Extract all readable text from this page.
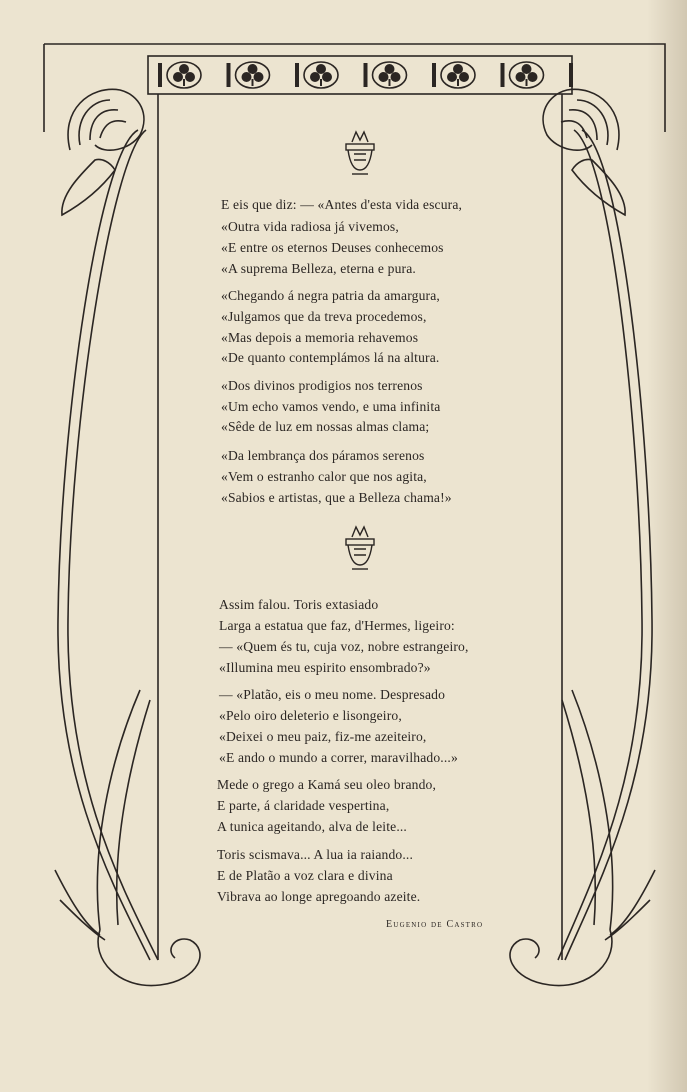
E eis que diz: — «Antes d'esta vida escura,
«Outra vida radiosa já vivemos,
«E entre os eternos Deuses conhecemos
«A suprema Belleza, eterna e pura.
«Chegando á negra patria da amargura,
«Julgamos que da treva procedemos,
«Mas depois a memoria rehavemos
«De quanto contemplámos lá na altura.
«Dos divinos prodigios nos terrenos
«Um echo vamos vendo, e uma infinita
«Sêde de luz em nossas almas clama;
«Da lembrança dos páramos serenos
«Vem o estranho calor que nos agita,
«Sabios e artistas, que a Belleza chama!»
Assim falou. Toris extasiado
Larga a estatua que faz, d'Hermes, ligeiro:
— «Quem és tu, cuja voz, nobre estrangeiro,
«Illumina meu espirito ensombrado?»
— «Platão, eis o meu nome. Despresado
«Pelo oiro deleterio e lisongeiro,
«Deixei o meu paiz, fiz-me azeiteiro,
«E ando o mundo a correr, maravilhado...»
Mede o grego a Kamá seu oleo brando,
E parte, á claridade vespertina,
A tunica ageitando, alva de leite...
Toris scismava... A lua ia raiando...
E de Platão a voz clara e divina
Vibrava ao longe apregoando azeite.
Eugenio de Castro
